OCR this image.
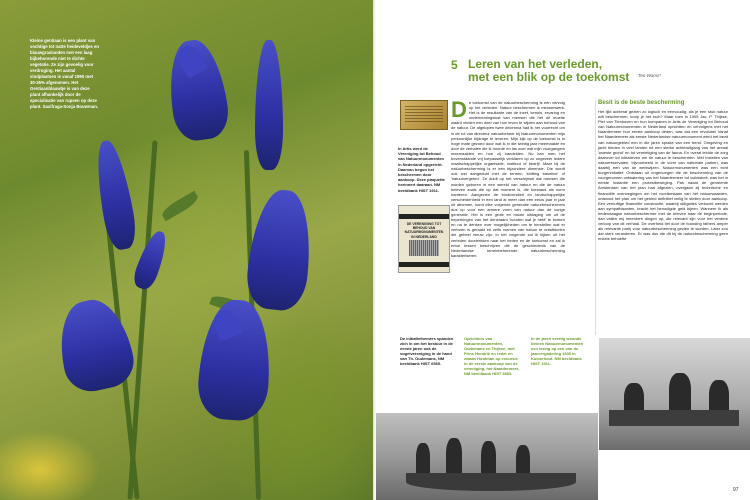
Kleine gentiaan is een plant van vochtige tot natte heideveldjes en blauwgraslanden met een laag bijbehorende niet te dichte vegetatie. Ze zijn gevoelig voor verdroging. Het aantal vindplaatsen is vanaf 1990 met 30-35% afgenomen. Het Gentiaanblauwtje is van deze plant afhankelijk door de specialisatie van rupsen op deze plant. Saxifraga-Sonja Bouwman.
5 Leren van het verleden,
met een blik op de toekomst	Teo Wams*
In Artis werd de Vereniging tot Behoud van Natuurmonumenten in Nederland opgericht. Daarvan begon het beschermen door aankoop. Deze plaquette herinnert daaraan. NM beeldbank HIST 1911.
DE VERENIGING TOT BEHOUD VAN NATUURMONUMENTEN IN NEDERLAND
De toekomst van de natuurbescherming is een vervolg op het verleden. Natuur beschermen is mensenwerk. Het is de resultante van de inzet, kennis, ervaring en ondernemingslust van mensen die het de moeite waard vinden een deel van hun leven te wijden aan behoud van de natuur. De afgelopen twee decennia had ik het voorrecht om in de rol van directeur natuurbeheer bij Natuurmonumenten mijn persoonlijke bijdrage te leveren. Mijn kijk op de toekomst is in hoge mate gevoed door wat ik in die twintig jaar meemaakte en door de verhalen die ik hoorde en las over wat mijn voorgangers meemaakten en hoe zij handelden. Nu kan men het bovenstaande vrij toepasselijk verklaren op zo ongeveer iedere maatschappelijke organisatie, instituut of bedrijf. Maar bij de natuurbescherming is er een bijzondere dimensie. Die wordt ook wel aangeduid met de termen 'shifting baseline' of 'natuurvergeten'. Ze duidt op het verschijnsel dat mensen die worden geboren in een wereld van natuur en die de natuur beleven zoals die op dat moment is, die toestand als norm hanteren. Aangezien de biodiversiteit en landschappelijke verscheidenheid in een land al meer dan een eeuw jaar in jaar uit afnemen, komt elke volgende generatie natuurbeschermers dus op voor een armere vorm van natuur dan de vorige generatie. Het is een grote en mooie uitdaging om uit de beperkingen van het denkraam 'houden wat je hebt' te breken en na te denken over mogelijkheden om te herstellen wat er verloren is geraakt en zelfs vormen van natuur te ontwikkelen die geheel nieuw zijn. In het volgende zal ik kijken uit het verleden doortrekken naar het heden en de toekomst en zal ik ertoe lessen beschrijven die de geschiedenis van de Nederlandse terreinbeherende natuurbescherming karakteriseren.
Besit is de beste bescherming
Het lijkt achteraf gezien zo logisch en eenvoudig: als je een stuk natuur wilt beschermen, koop je het toch? Maar toen in 1905 Jac. P. Thijsse, Piet van Tienhoven en hun kompanen in Artis de Vereniging tot Behoud van Natuurmonumenten in Nederland oprichtten en vervolgens met het Naardermeer hun eerste aankoop deden, was dat een revolutie! Vanaf het Naardermeer als eerste Nederlandse natuurmonument werd het bezit van natuurgebied een in die jaren sprake van een trend. Omgeving en jacht bleden in veel landen tot een sterke achteruitgang van het areaal 'woeste grond' en tot vernietiging van de fauna. En overal leidde de zorg daarover tot initiatieven om de natuur te beschermen. Met instellen van natuurreservaten, bijvoorbeeld in de vorm van nationale parken, was daarbij een van de werkwijzen. Natuurmonumenten was een echt burgerinitiatief. Ontstaan uit ongenoegen die de bescherming van de voorgenomen ontwatering van het Naardermeer tot vuilnisbelt, was het in eerste instantie een protestbeweging. Pas nadat de gemeente Amsterdam van het plan had afgezien, overgaan zij technische en financiële overwegingen om het voortbestaan van het natuurwaarden, ontstond het plan om het gebied definitief veilig te stellen door aankoop. Een vernuftige financiële constructie, waarbij obligaties verkocht werden aan sympathisanten, bracht het benodigde geld bijeen. Wanneer ik als hedendaagse natuurbeschermer met de brieven naar de beginperiode, dan vallen mij meerdere dingen op, die relevant zijn voor het verdere verloop van dit verhaal. De overheid liet door de founding fathers amper als relevante partij voor natuurbescherming gezien te worden. Later zou dat sterk veranderen. Er was dus rite dit bij de natuurbescherming geen enkele behoefte
De initiatiefnemers spanden zich in om het bestuur in de eerste jaren ook de vogelvereniging in de hand van Th. Oudemans, NM beeldbank HIST 6565.
Oprichters van Natuurmonumenten, Oudemans en Thijsse, met Prins Hendrik en reder en zwaan Hootman op excursie in de eerste aankoop van de vereniging, het Naardermeer, NM beeldbank HIST 6565.
In de jaren veertig woonde binnen Natuurmonumenten een lezing op een van de jaarvergadering 1930 in Kuinerhout. NM beeldbank HIST 1911.
97
